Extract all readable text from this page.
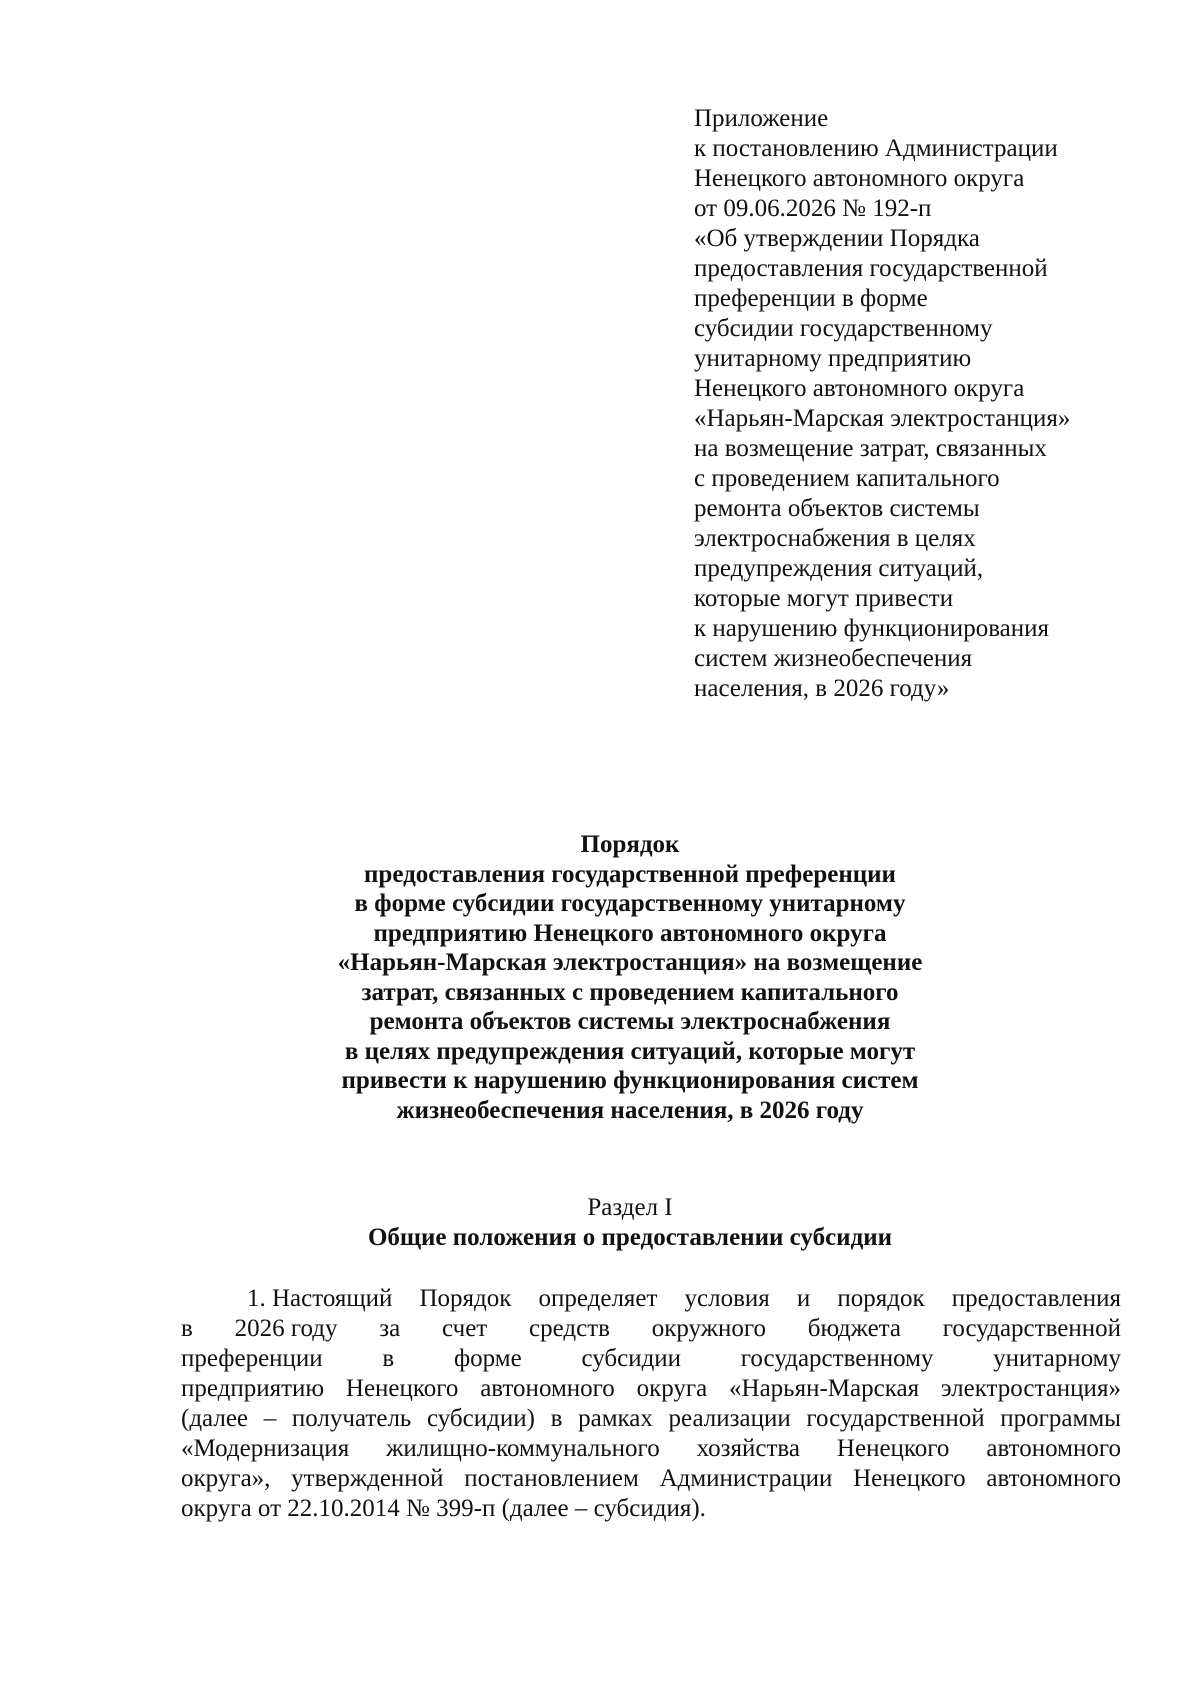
Приложение
к постановлению Администрации
Ненецкого автономного округа
от 09.06.2026 № 192-п
«Об утверждении Порядка
предоставления государственной
преференции в форме
субсидии государственному
унитарному предприятию
Ненецкого автономного округа
«Нарьян-Марская электростанция»
на возмещение затрат, связанных
с проведением капитального
ремонта объектов системы
электроснабжения в целях
предупреждения ситуаций,
которые могут привести
к нарушению функционирования
систем жизнеобеспечения
населения, в 2026 году»
Порядок
предоставления государственной преференции
в форме субсидии государственному унитарному
предприятию Ненецкого автономного округа
«Нарьян-Марская электростанция» на возмещение
затрат, связанных с проведением капитального
ремонта объектов системы электроснабжения
в целях предупреждения ситуаций, которые могут
привести к нарушению функционирования систем
жизнеобеспечения населения, в 2026 году
Раздел I
Общие положения о предоставлении субсидии
1. Настоящий Порядок определяет условия и порядок предоставления
в 2026 году за счет средств окружного бюджета государственной
преференции в форме субсидии государственному унитарному
предприятию Ненецкого автономного округа «Нарьян-Марская электростанция»
(далее – получатель субсидии) в рамках реализации государственной программы
«Модернизация жилищно-коммунального хозяйства Ненецкого автономного
округа», утвержденной постановлением Администрации Ненецкого автономного
округа от 22.10.2014 № 399-п (далее – субсидия).
